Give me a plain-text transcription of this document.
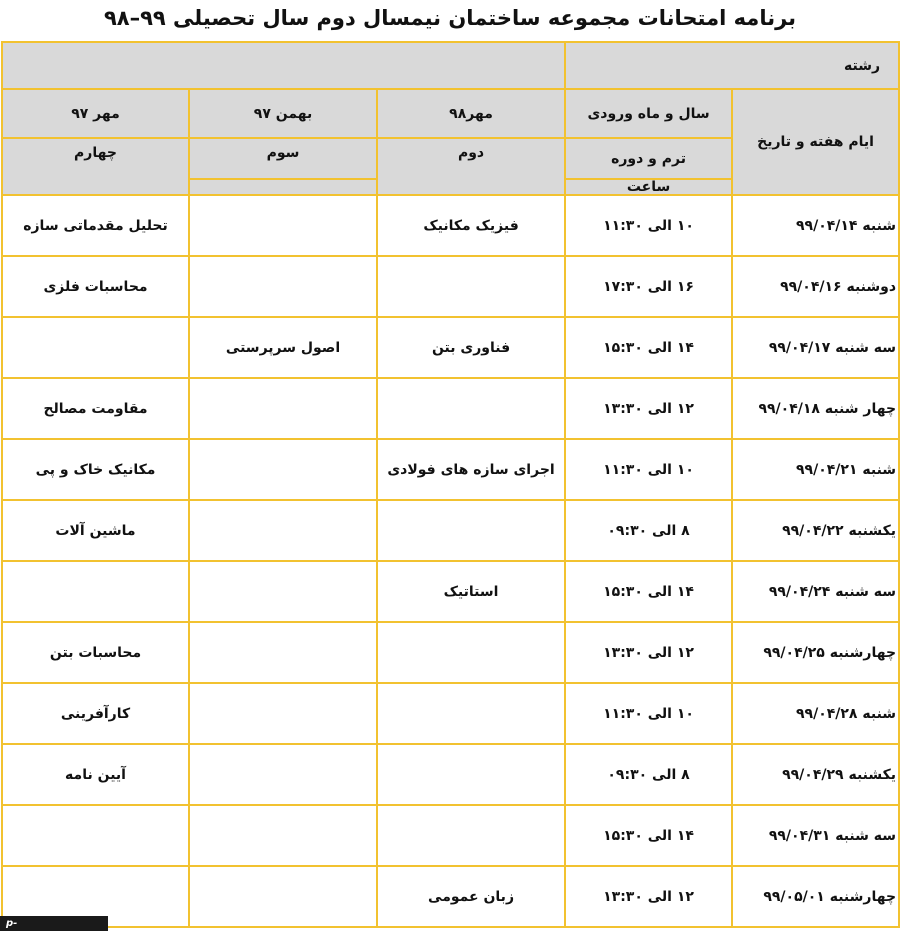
برنامه امتحانات مجموعه ساختمان نیمسال دوم سال تحصیلی ۹۹–۹۸
رشته				
ایام هفته و تاریخ	سال و ماه ورودی	مهر۹۸	بهمن ۹۷	مهر ۹۷
	ترم و دوره	دوم	سوم	چهارم
	ساعت			
شنبه ۹۹/۰۴/۱۴	۱۰ الی ۱۱:۳۰	فیزیک مکانیک		تحلیل مقدماتی سازه
دوشنبه ۹۹/۰۴/۱۶	۱۶ الی ۱۷:۳۰			محاسبات فلزی
سه شنبه ۹۹/۰۴/۱۷	۱۴ الی ۱۵:۳۰	فناوری بتن	اصول سرپرستی	
چهار شنبه ۹۹/۰۴/۱۸	۱۲ الی ۱۳:۳۰			مقاومت مصالح
شنبه ۹۹/۰۴/۲۱	۱۰ الی ۱۱:۳۰	اجرای سازه های فولادی		مکانیک خاک و پی
یکشنبه ۹۹/۰۴/۲۲	۸ الی ۰۹:۳۰			ماشین آلات
سه شنبه ۹۹/۰۴/۲۴	۱۴ الی ۱۵:۳۰	استاتیک		
چهارشنبه ۹۹/۰۴/۲۵	۱۲ الی ۱۳:۳۰			محاسبات بتن
شنبه ۹۹/۰۴/۲۸	۱۰ الی ۱۱:۳۰			کارآفرینی
یکشنبه ۹۹/۰۴/۲۹	۸ الی ۰۹:۳۰			آیین نامه
سه شنبه ۹۹/۰۴/۳۱	۱۴ الی ۱۵:۳۰			
چهارشنبه ۹۹/۰۵/۰۱	۱۲ الی ۱۳:۳۰	زبان عمومی		
p-gorgan.nus.ac.ir
